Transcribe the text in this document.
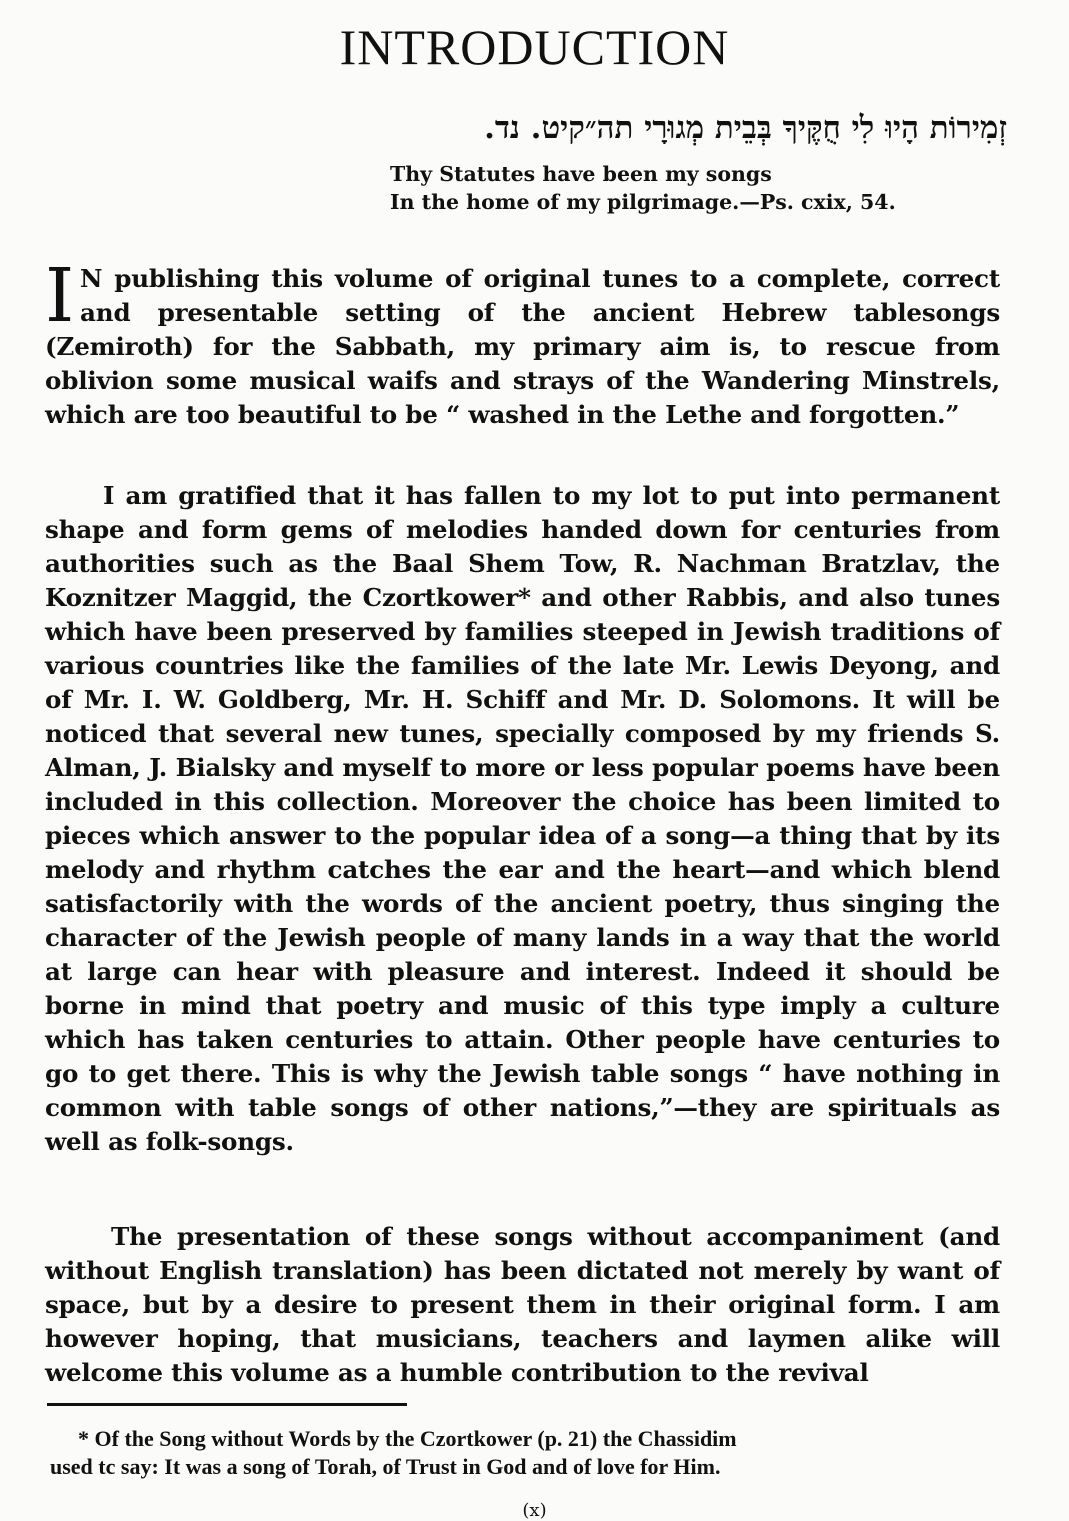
INTRODUCTION
זְמִירוֹת הָיוּ לִי חֻקֶּיךָ בְּבֵית מְגוּרָי תה״קיט. נד.
Thy Statutes have been my songs
In the home of my pilgrimage.—Ps. cxix, 54.
I N publishing this volume of original tunes to a complete, correct and presentable setting of the ancient Hebrew tablesongs (Zemiroth) for the Sabbath, my primary aim is, to rescue from oblivion some musical waifs and strays of the Wandering Minstrels, which are too beautiful to be “ washed in the Lethe and forgotten.”
I am gratified that it has fallen to my lot to put into permanent shape and form gems of melodies handed down for centuries from authorities such as the Baal Shem Tow, R. Nachman Bratzlav, the Koznitzer Maggid, the Czortkower* and other Rabbis, and also tunes which have been preserved by families steeped in Jewish traditions of various countries like the families of the late Mr. Lewis Deyong, and of Mr. I. W. Goldberg, Mr. H. Schiff and Mr. D. Solomons. It will be noticed that several new tunes, specially composed by my friends S. Alman, J. Bialsky and myself to more or less popular poems have been included in this collection. Moreover the choice has been limited to pieces which answer to the popular idea of a song—a thing that by its melody and rhythm catches the ear and the heart—and which blend satisfactorily with the words of the ancient poetry, thus singing the character of the Jewish people of many lands in a way that the world at large can hear with pleasure and interest. Indeed it should be borne in mind that poetry and music of this type imply a culture which has taken centuries to attain. Other people have centuries to go to get there. This is why the Jewish table songs “ have nothing in common with table songs of other nations,”—they are spirituals as well as folk-songs.
The presentation of these songs without accompaniment (and without English translation) has been dictated not merely by want of space, but by a desire to present them in their original form. I am however hoping, that musicians, teachers and laymen alike will welcome this volume as a humble contribution to the revival
* Of the Song without Words by the Czortkower (p. 21) the Chassidim
used tc say: It was a song of Torah, of Trust in God and of love for Him.
(x)
